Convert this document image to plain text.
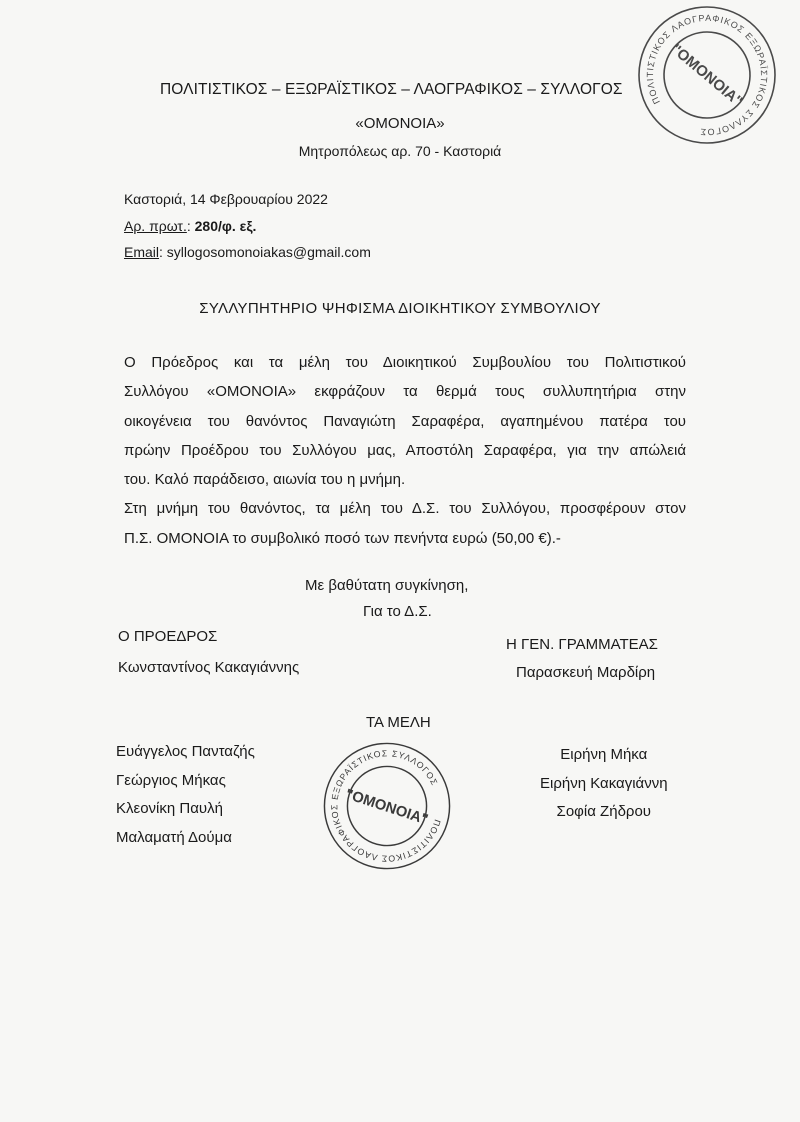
ΠΟΛΙΤΙΣΤΙΚΟΣ – ΕΞΩΡΑΪΣΤΙΚΟΣ – ΛΑΟΓΡΑΦΙΚΟΣ – ΣΥΛΛΟΓΟΣ
«ΟΜΟΝΟΙΑ»
Μητροπόλεως αρ. 70 - Καστοριά
Καστοριά, 14 Φεβρουαρίου 2022
Αρ. πρωτ.: 280/φ. εξ.
Email: syllogosomonoiakas@gmail.com
ΣΥΛΛΥΠΗΤΗΡΙΟ ΨΗΦΙΣΜΑ ΔΙΟΙΚΗΤΙΚΟΥ ΣΥΜΒΟΥΛΙΟΥ
Ο Πρόεδρος και τα μέλη του Διοικητικού Συμβουλίου του Πολιτιστικού
Συλλόγου «ΟΜΟΝΟΙΑ» εκφράζουν τα θερμά τους συλλυπητήρια στην
οικογένεια του θανόντος Παναγιώτη Σαραφέρα, αγαπημένου πατέρα του
πρώην Προέδρου του Συλλόγου μας, Αποστόλη Σαραφέρα, για την απώλειά
του. Καλό παράδεισο, αιωνία του η μνήμη.
Στη μνήμη του θανόντος, τα μέλη του Δ.Σ. του Συλλόγου, προσφέρουν στον
Π.Σ. ΟΜΟΝΟΙΑ το συμβολικό ποσό των πενήντα ευρώ (50,00 €).-
Με βαθύτατη συγκίνηση,
Για το Δ.Σ.
Ο ΠΡΟΕΔΡΟΣ
Κωνσταντίνος Κακαγιάννης
Η ΓΕΝ. ΓΡΑΜΜΑΤΕΑΣ
Παρασκευή Μαρδίρη
ΤΑ ΜΕΛΗ
Ευάγγελος Πανταζής
Γεώργιος Μήκας
Κλεονίκη Παυλή
Μαλαματή Δούμα
Ειρήνη Μήκα
Ειρήνη Κακαγιάννη
Σοφία Ζήδρου
ΠΟΛΙΤΙΣΤΙΚΟΣ ΛΑΟΓΡΑΦΙΚΟΣ ΕΞΩΡΑΪΣΤΙΚΟΣ ΣΥΛΛΟΓΟΣ
"ΟΜΟΝΟΙΑ"
ΠΟΛΙΤΙΣΤΙΚΟΣ ΛΑΟΓΡΑΦΙΚΟΣ ΕΞΩΡΑΪΣΤΙΚΟΣ ΣΥΛΛΟΓΟΣ
"ΟΜΟΝΟΙΑ"
